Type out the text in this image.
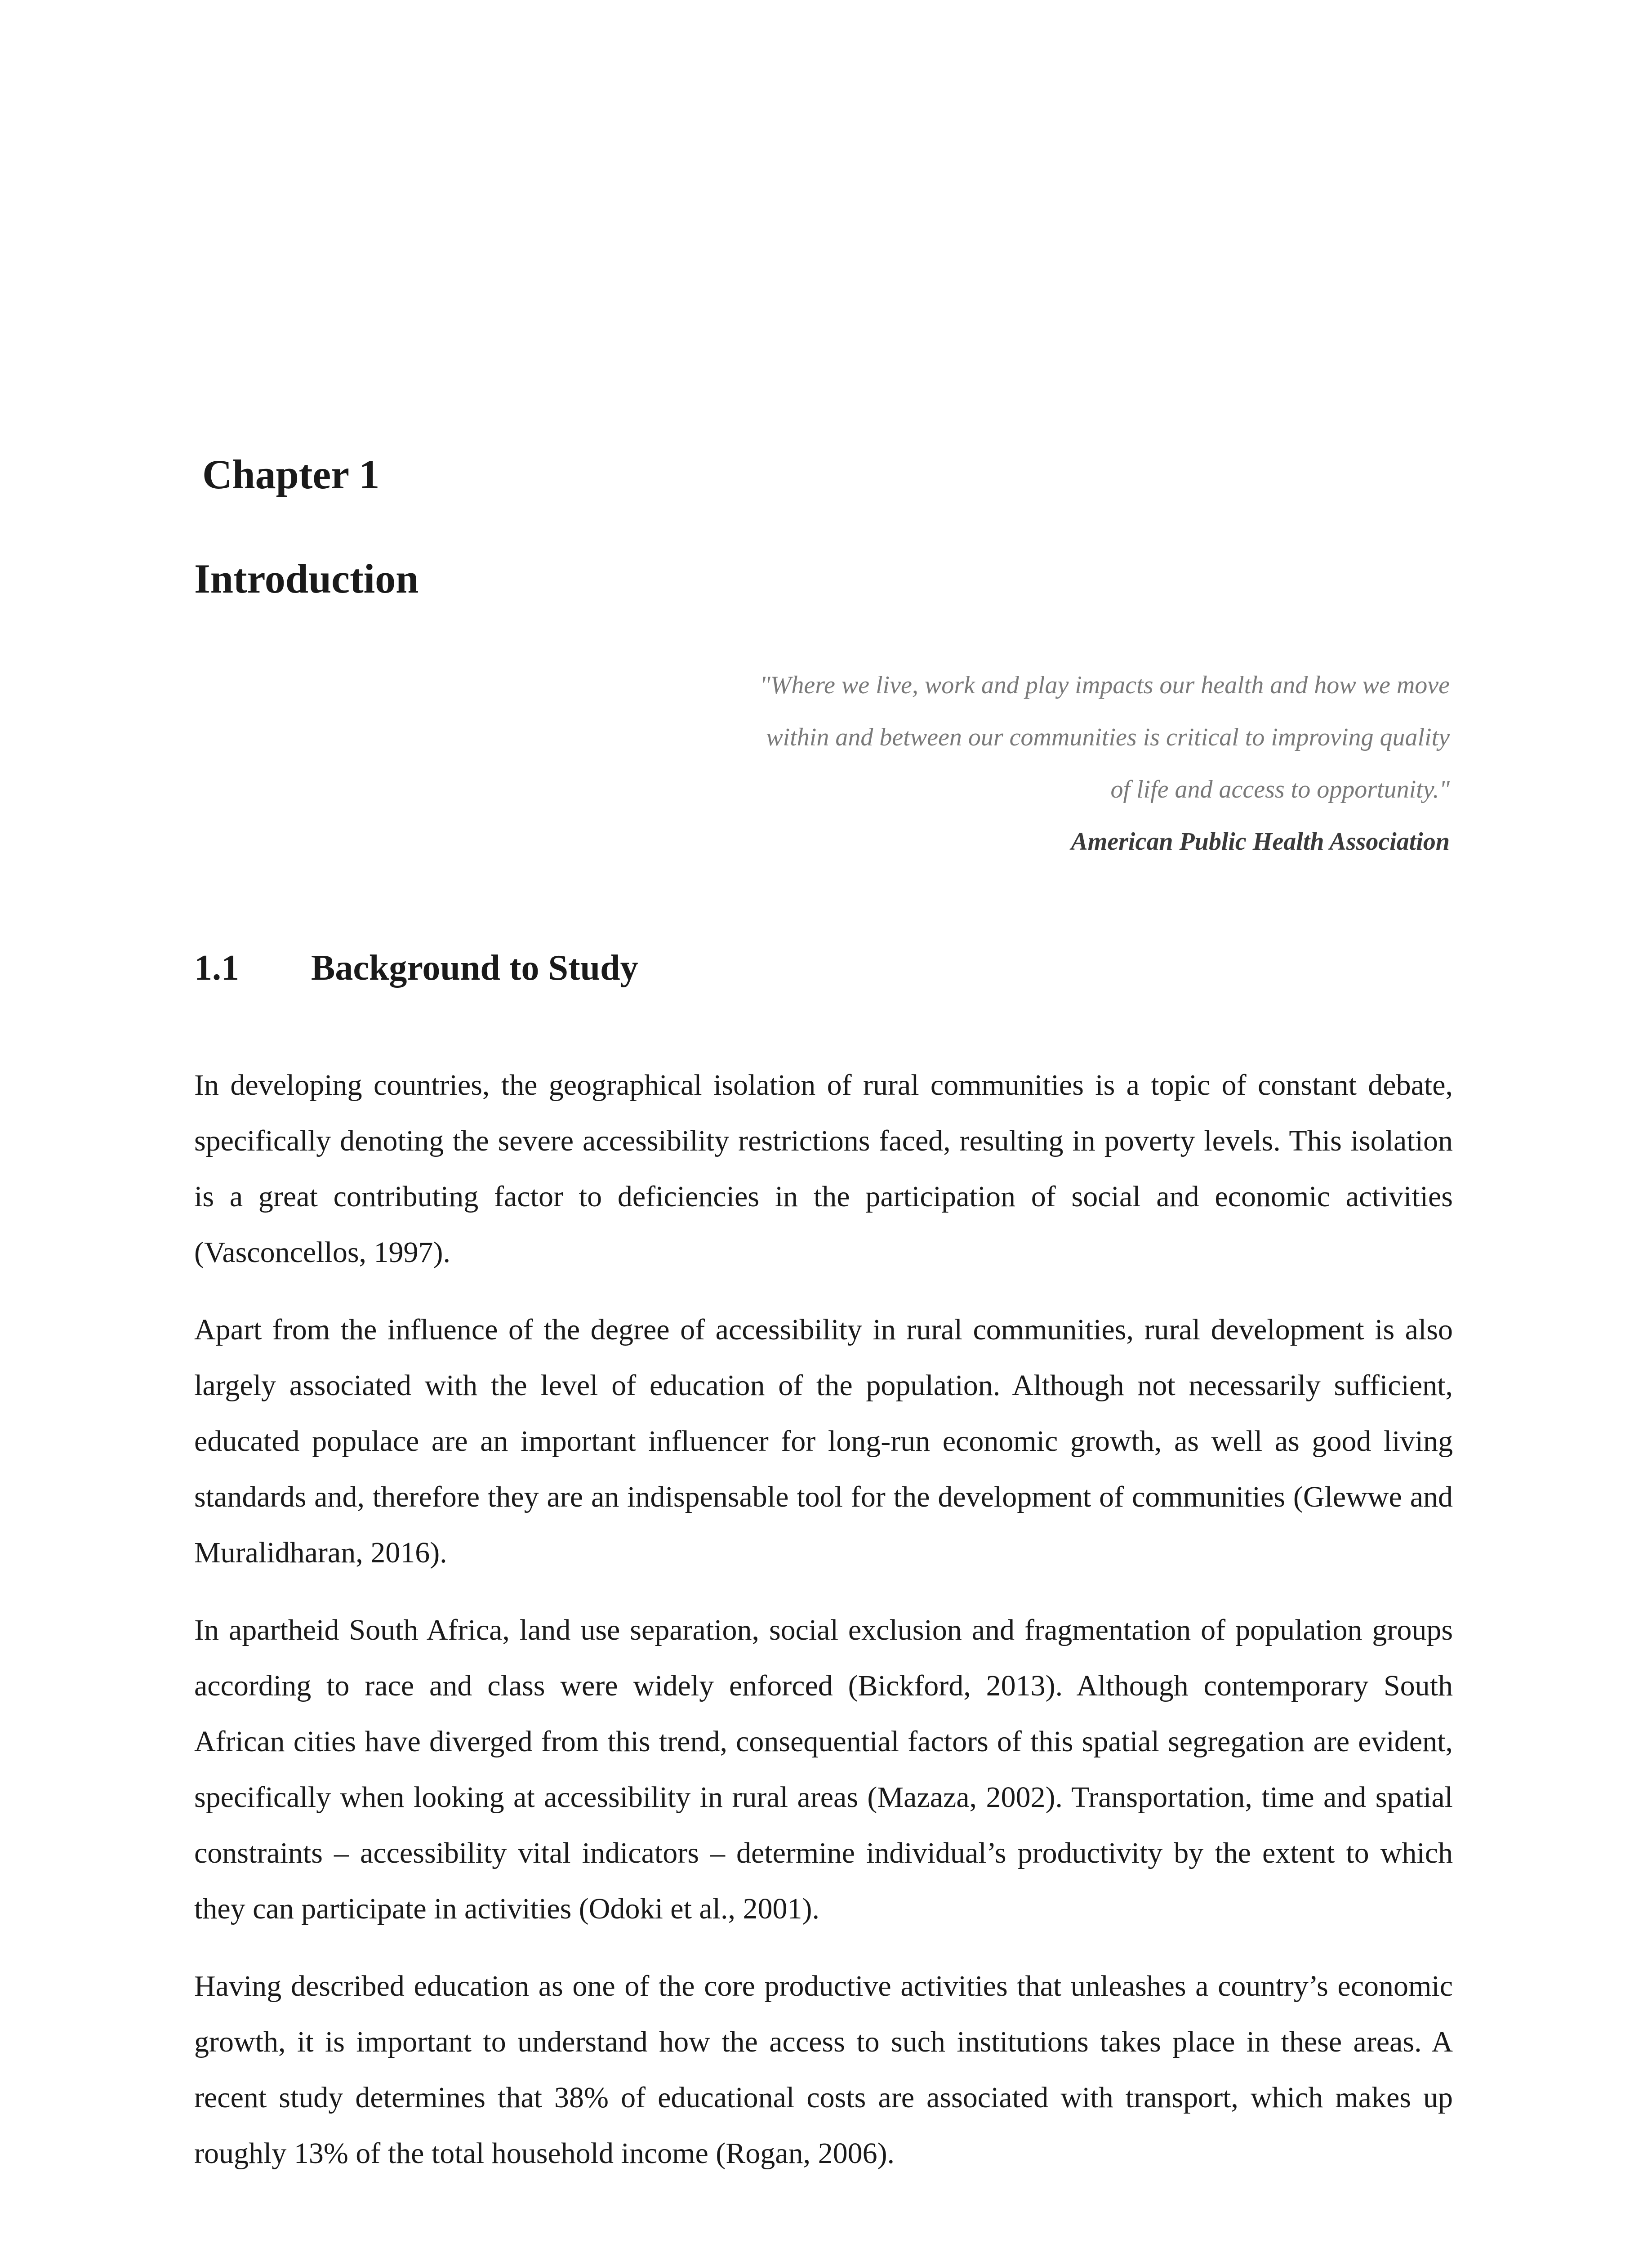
Chapter 1
Introduction
"Where we live, work and play impacts our health and how we move
within and between our communities is critical to improving quality
of life and access to opportunity."
American Public Health Association
1.1 Background to Study

In developing countries, the geographical isolation of rural communities is a topic of constant debate, specifically denoting the severe accessibility restrictions faced, resulting in poverty levels. This isolation is a great contributing factor to deficiencies in the participation of social and economic activities (Vasconcellos, 1997).

Apart from the influence of the degree of accessibility in rural communities, rural development is also largely associated with the level of education of the population. Although not necessarily sufficient, educated populace are an important influencer for long-run economic growth, as well as good living standards and, therefore they are an indispensable tool for the development of communities (Glewwe and Muralidharan, 2016).

In apartheid South Africa, land use separation, social exclusion and fragmentation of population groups according to race and class were widely enforced (Bickford, 2013). Although contemporary South African cities have diverged from this trend, consequential factors of this spatial segregation are evident, specifically when looking at accessibility in rural areas (Mazaza, 2002). Transportation, time and spatial constraints – accessibility vital indicators – determine individual’s productivity by the extent to which they can participate in activities (Odoki et al., 2001).

Having described education as one of the core productive activities that unleashes a country’s economic growth, it is important to understand how the access to such institutions takes place in these areas. A recent study determines that 38% of educational costs are associated with transport, which makes up roughly 13% of the total household income (Rogan, 2006).
